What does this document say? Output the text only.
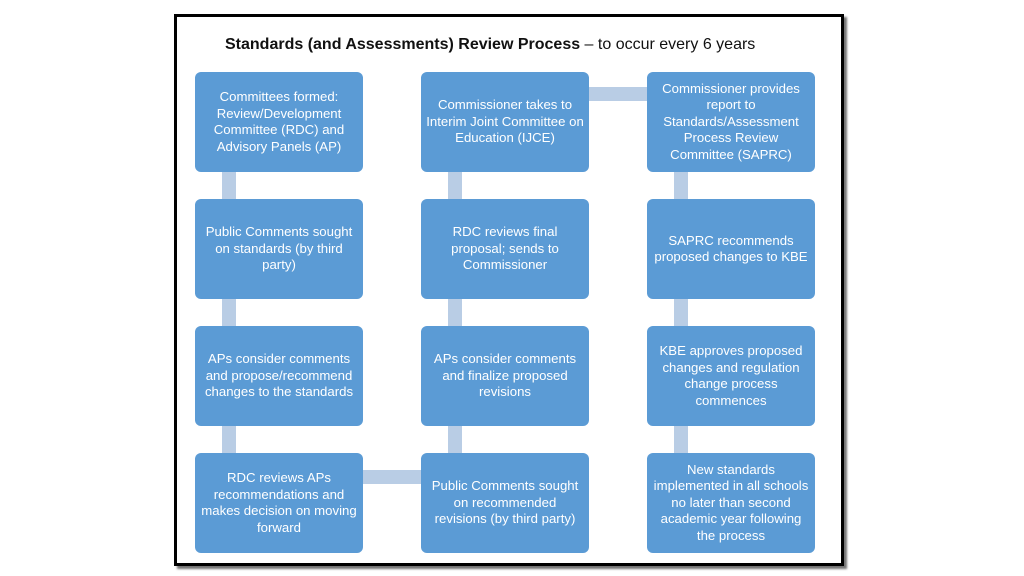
Standards (and Assessments) Review Process – to occur every 6 years
Committees formed: Review/Development Committee (RDC) and Advisory Panels (AP)
Public Comments sought on standards (by third party)
APs consider comments and propose/recommend changes to the standards
RDC reviews APs recommendations and makes decision on moving forward
Commissioner takes to Interim Joint Committee on Education (IJCE)
RDC reviews final proposal; sends to Commissioner
APs consider comments and finalize proposed revisions
Public Comments sought on recommended revisions (by third party)
Commissioner provides report to Standards/Assessment Process Review Committee (SAPRC)
SAPRC recommends proposed changes to KBE
KBE approves proposed changes and regulation change process commences
New standards implemented in all schools no later than second academic year following the process
